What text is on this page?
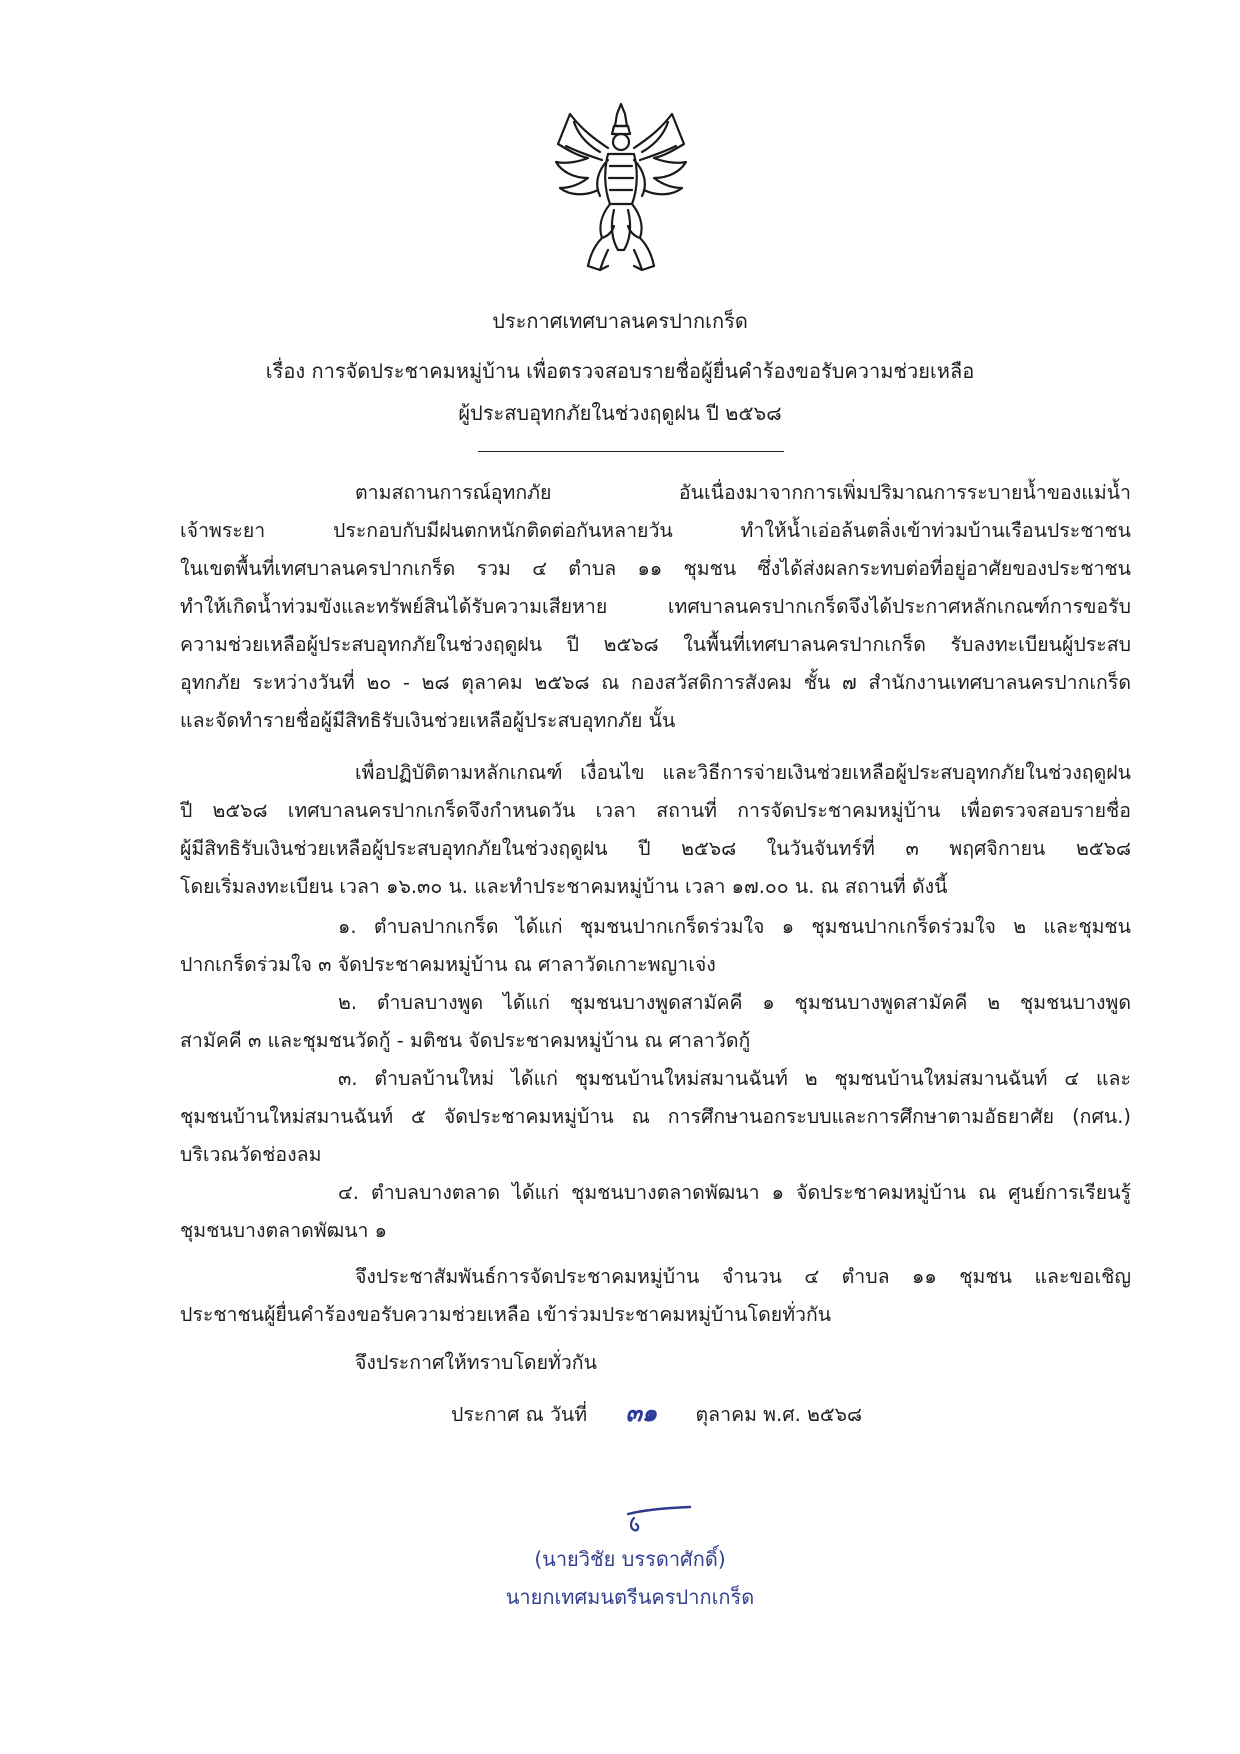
ประกาศเทศบาลนครปากเกร็ด
เรื่อง การจัดประชาคมหมู่บ้าน เพื่อตรวจสอบรายชื่อผู้ยื่นคำร้องขอรับความช่วยเหลือ
ผู้ประสบอุทกภัยในช่วงฤดูฝน ปี ๒๕๖๘
ตามสถานการณ์อุทกภัย อันเนื่องมาจากการเพิ่มปริมาณการระบายน้ำของแม่น้ำ
เจ้าพระยา ประกอบกับมีฝนตกหนักติดต่อกันหลายวัน ทำให้น้ำเอ่อล้นตลิ่งเข้าท่วมบ้านเรือนประชาชน
ในเขตพื้นที่เทศบาลนครปากเกร็ด รวม ๔ ตำบล ๑๑ ชุมชน ซึ่งได้ส่งผลกระทบต่อที่อยู่อาศัยของประชาชน
ทำให้เกิดน้ำท่วมขังและทรัพย์สินได้รับความเสียหาย เทศบาลนครปากเกร็ดจึงได้ประกาศหลักเกณฑ์การขอรับ
ความช่วยเหลือผู้ประสบอุทกภัยในช่วงฤดูฝน ปี ๒๕๖๘ ในพื้นที่เทศบาลนครปากเกร็ด รับลงทะเบียนผู้ประสบ
อุทกภัย ระหว่างวันที่ ๒๐ - ๒๘ ตุลาคม ๒๕๖๘ ณ กองสวัสดิการสังคม ชั้น ๗ สำนักงานเทศบาลนครปากเกร็ด
และจัดทำรายชื่อผู้มีสิทธิรับเงินช่วยเหลือผู้ประสบอุทกภัย นั้น
เพื่อปฏิบัติตามหลักเกณฑ์ เงื่อนไข และวิธีการจ่ายเงินช่วยเหลือผู้ประสบอุทกภัยในช่วงฤดูฝน
ปี ๒๕๖๘ เทศบาลนครปากเกร็ดจึงกำหนดวัน เวลา สถานที่ การจัดประชาคมหมู่บ้าน เพื่อตรวจสอบรายชื่อ
ผู้มีสิทธิรับเงินช่วยเหลือผู้ประสบอุทกภัยในช่วงฤดูฝน ปี ๒๕๖๘ ในวันจันทร์ที่ ๓ พฤศจิกายน ๒๕๖๘
โดยเริ่มลงทะเบียน เวลา ๑๖.๓๐ น. และทำประชาคมหมู่บ้าน เวลา ๑๗.๐๐ น. ณ สถานที่ ดังนี้
๑. ตำบลปากเกร็ด ได้แก่ ชุมชนปากเกร็ดร่วมใจ ๑ ชุมชนปากเกร็ดร่วมใจ ๒ และชุมชน
ปากเกร็ดร่วมใจ ๓ จัดประชาคมหมู่บ้าน ณ ศาลาวัดเกาะพญาเจ่ง
๒. ตำบลบางพูด ได้แก่ ชุมชนบางพูดสามัคคี ๑ ชุมชนบางพูดสามัคคี ๒ ชุมชนบางพูด
สามัคคี ๓ และชุมชนวัดกู้ - มติชน จัดประชาคมหมู่บ้าน ณ ศาลาวัดกู้
๓. ตำบลบ้านใหม่ ได้แก่ ชุมชนบ้านใหม่สมานฉันท์ ๒ ชุมชนบ้านใหม่สมานฉันท์ ๔ และ
ชุมชนบ้านใหม่สมานฉันท์ ๕ จัดประชาคมหมู่บ้าน ณ การศึกษานอกระบบและการศึกษาตามอัธยาศัย (กศน.)
บริเวณวัดช่องลม
๔. ตำบลบางตลาด ได้แก่ ชุมชนบางตลาดพัฒนา ๑ จัดประชาคมหมู่บ้าน ณ ศูนย์การเรียนรู้
ชุมชนบางตลาดพัฒนา ๑
จึงประชาสัมพันธ์การจัดประชาคมหมู่บ้าน จำนวน ๔ ตำบล ๑๑ ชุมชน และขอเชิญ
ประชาชนผู้ยื่นคำร้องขอรับความช่วยเหลือ เข้าร่วมประชาคมหมู่บ้านโดยทั่วกัน
จึงประกาศให้ทราบโดยทั่วกัน
ประกาศ ณ วันที่ ๓๑ ตุลาคม พ.ศ. ๒๕๖๘
(นายวิชัย บรรดาศักดิ์)
นายกเทศมนตรีนครปากเกร็ด
